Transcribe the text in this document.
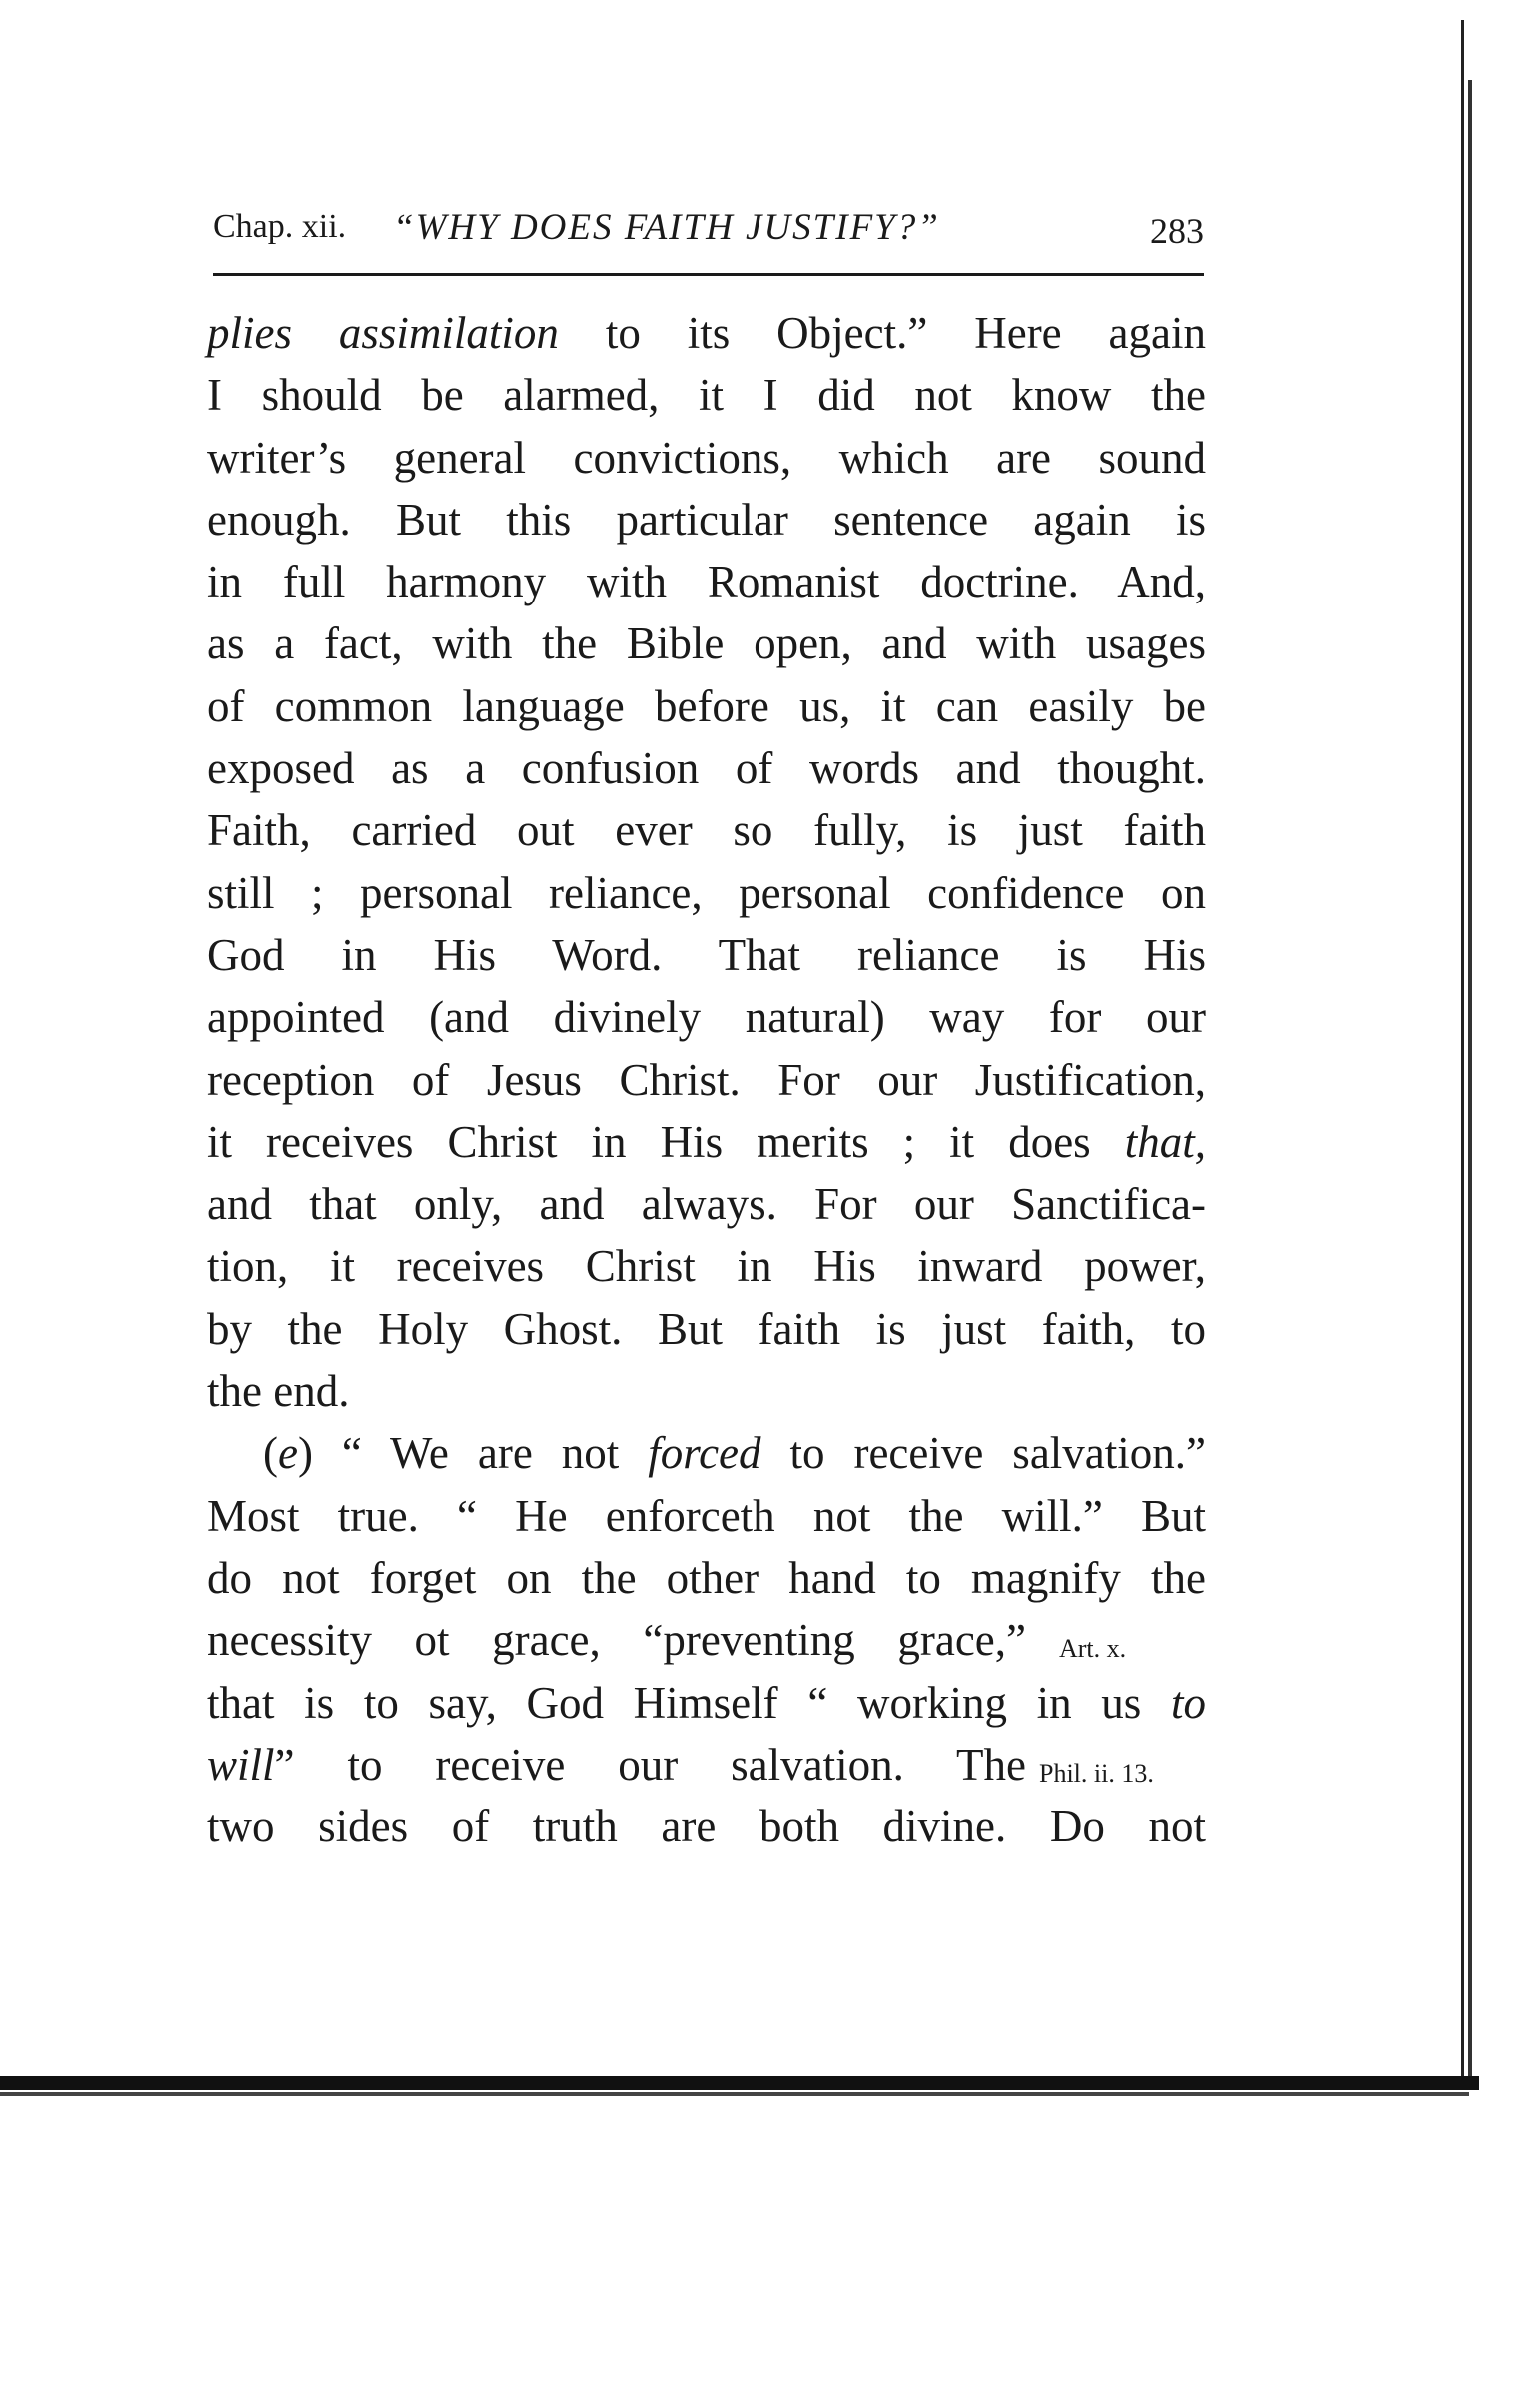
Chap. xii. “WHY DOES FAITH JUSTIFY?”	283
plies assimilation to its Object.” Here again
I should be alarmed, it I did not know the
writer’s general convictions, which are sound
enough. But this particular sentence again is
in full harmony with Romanist doctrine. And,
as a fact, with the Bible open, and with usages
of common language before us, it can easily be
exposed as a confusion of words and thought.
Faith, carried out ever so fully, is just faith
still ; personal reliance, personal confidence on
God in His Word. That reliance is His
appointed (and divinely natural) way for our
reception of Jesus Christ. For our Justification,
it receives Christ in His merits ; it does that,
and that only, and always. For our Sanctifica-
tion, it receives Christ in His inward power,
by the Holy Ghost. But faith is just faith, to
the end.
(e) “ We are not forced to receive salvation.”
Most true. “ He enforceth not the will.” But
do not forget on the other hand to magnify the
necessity ot grace, “preventing grace,”
that is to say, God Himself “ working in us to
will” to receive our salvation. The
two sides of truth are both divine. Do not
Art. x.
Phil. ii. 13.
